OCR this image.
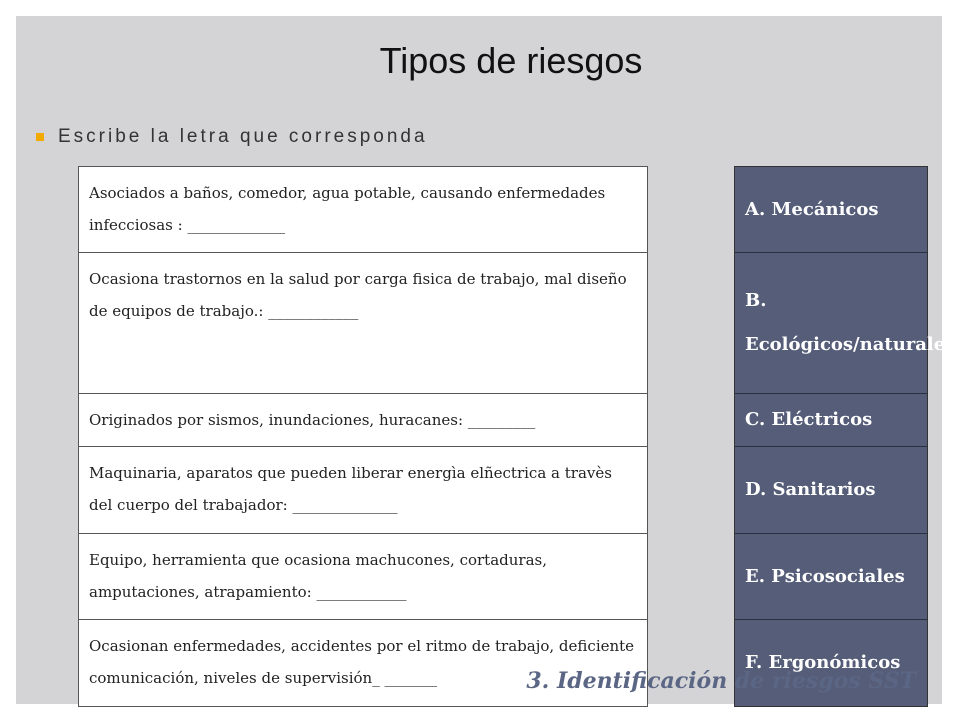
Tipos de riesgos
Escribe la letra que corresponda
Asociados a baños, comedor, agua potable, causando enfermedades infecciosas : _____________
Ocasiona trastornos en la salud por carga fisica de trabajo, mal diseño de equipos de trabajo.: ____________
Originados por sismos, inundaciones, huracanes: _________
Maquinaria, aparatos que pueden liberar energìa elñectrica a travès del cuerpo del trabajador: ______________
Equipo, herramienta que ocasiona machucones, cortaduras, amputaciones, atrapamiento: ____________
Ocasionan enfermedades, accidentes por el ritmo de trabajo, deficiente comunicación, niveles de supervisión_ _______
A. Mecánicos
B. Ecológicos/naturales
C. Eléctricos
D. Sanitarios
E. Psicosociales
F. Ergonómicos
3. Identificación de riesgos SST
